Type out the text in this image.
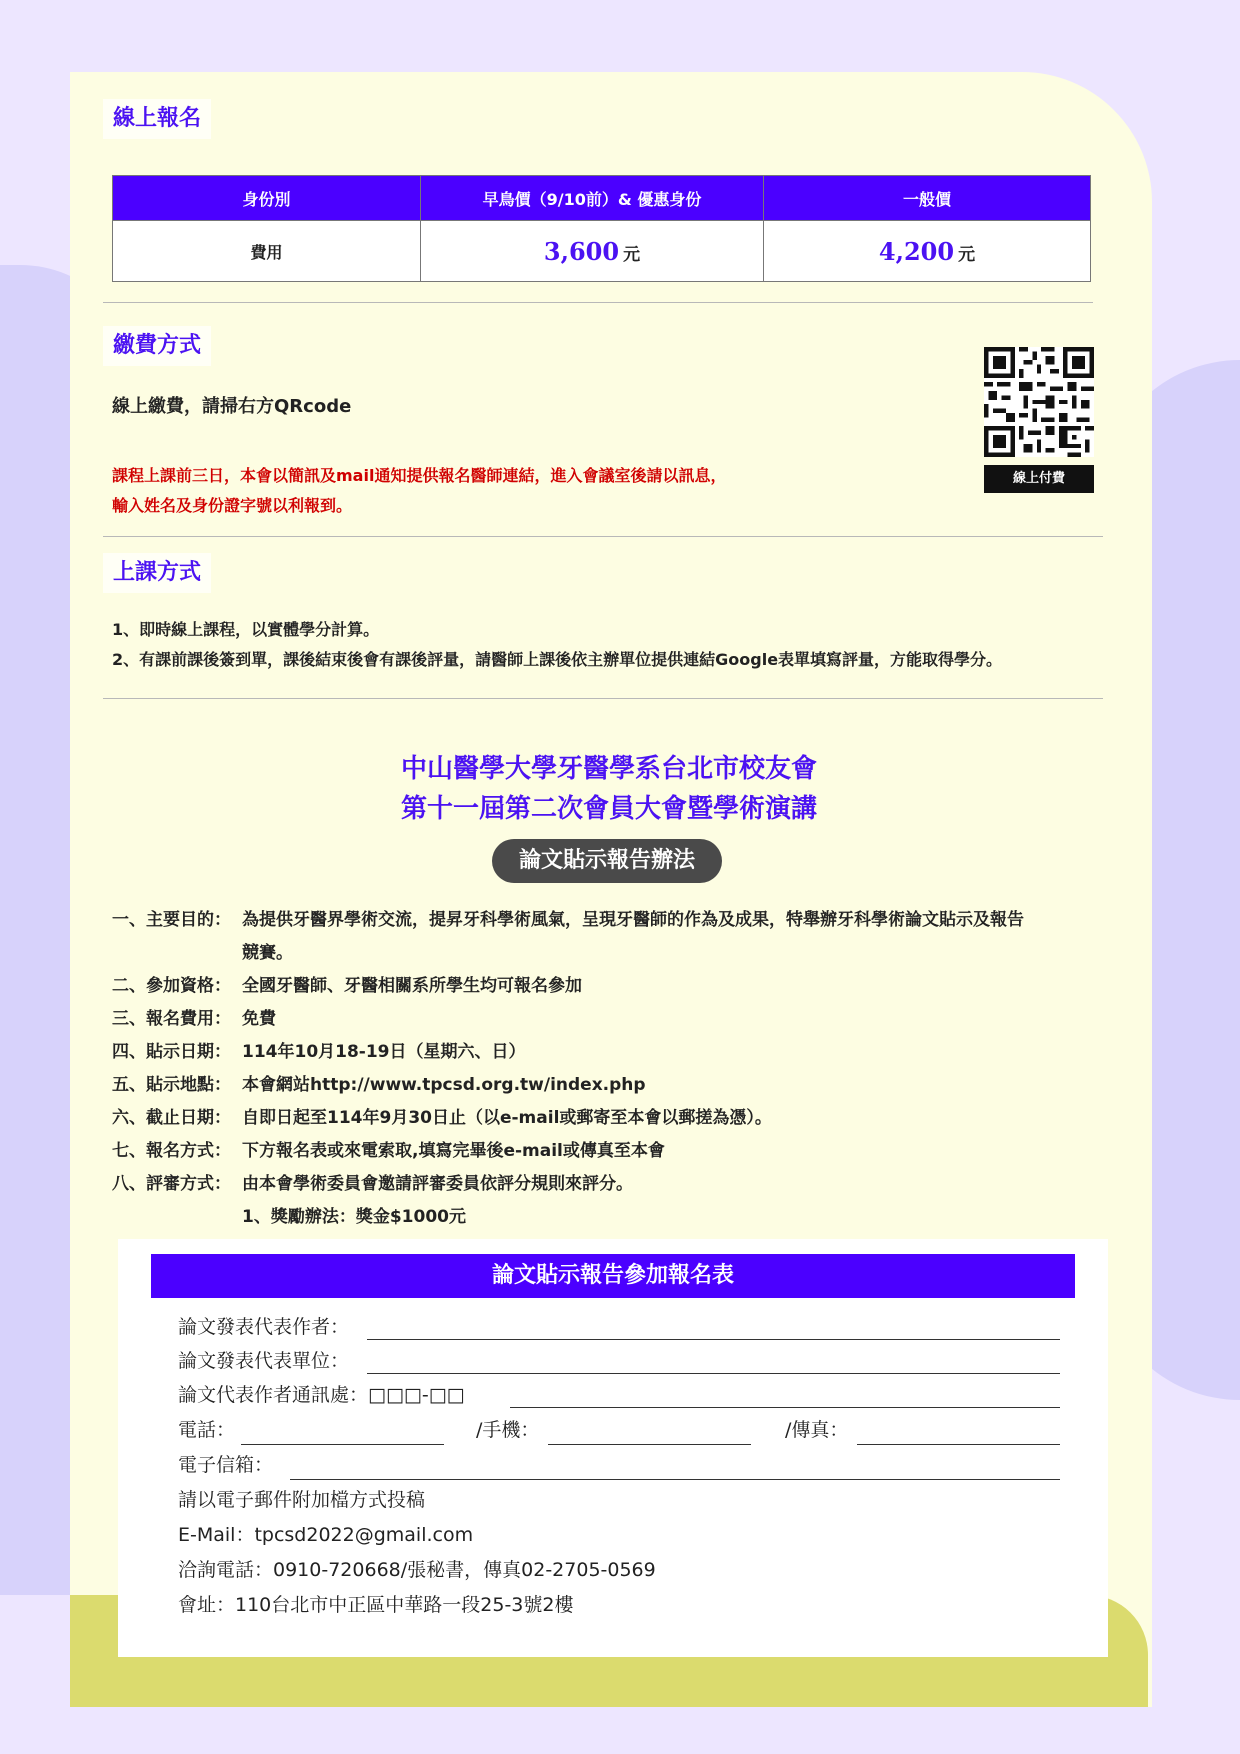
線上報名
身份別	早鳥價（9/10前）& 優惠身份	一般價
費用	3,600 元	4,200 元
繳費方式
線上繳費，請掃右方QRcode
課程上課前三日，本會以簡訊及mail通知提供報名醫師連結，進入會議室後請以訊息，
輸入姓名及身份證字號以利報到。
線上付費
上課方式
1、即時線上課程，以實體學分計算。
2、有課前課後簽到單，課後結束後會有課後評量，請醫師上課後依主辦單位提供連結Google表單填寫評量，方能取得學分。
中山醫學大學牙醫學系台北市校友會
第十一屆第二次會員大會暨學術演講
論文貼示報告辦法
一、主要目的： 為提供牙醫界學術交流，提昇牙科學術風氣，呈現牙醫師的作為及成果，特舉辦牙科學術論文貼示及報告
競賽。
二、參加資格： 全國牙醫師、牙醫相關系所學生均可報名參加
三、報名費用： 免費
四、貼示日期： 114年10月18-19日（星期六、日）
五、貼示地點： 本會網站http://www.tpcsd.org.tw/index.php
六、截止日期： 自即日起至114年9月30日止（以e-mail或郵寄至本會以郵搓為憑）。
七、報名方式： 下方報名表或來電索取,填寫完畢後e-mail或傳真至本會
八、評審方式： 由本會學術委員會邀請評審委員依評分規則來評分。
1、獎勵辦法：獎金$1000元
論文貼示報告參加報名表
論文發表代表作者：
論文發表代表單位：
論文代表作者通訊處：□□□-□□
電話：	/手機：	/傳真：
電子信箱：
請以電子郵件附加檔方式投稿
E-Mail：tpcsd2022@gmail.com
洽詢電話：0910-720668/張秘書，傳真02-2705-0569
會址：110台北市中正區中華路一段25-3號2樓
